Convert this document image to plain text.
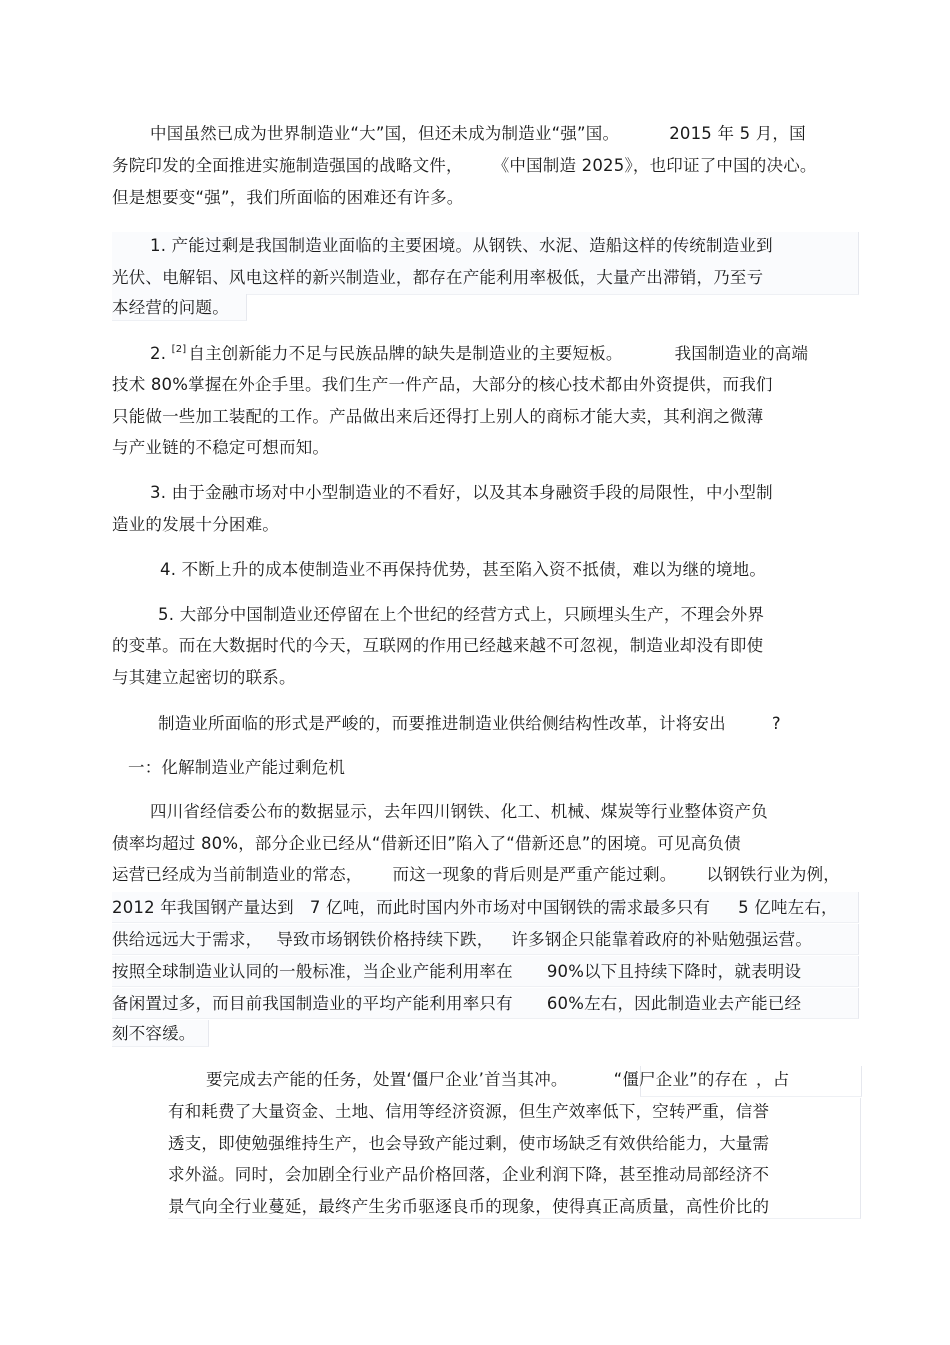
中国虽然已成为世界制造业“大”国，但还未成为制造业“强”国。	2015 年 5 月，国
务院印发的全面推进实施制造强国的战略文件， 《中国制造 2025》，也印证了中国的决心。
但是想要变“强”，我们所面临的困难还有许多。
1. 产能过剩是我国制造业面临的主要困境。从钢铁、水泥、造船这样的传统制造业到
光伏、电解铝、风电这样的新兴制造业，都存在产能利用率极低，大量产出滞销，乃至亏
本经营的问题。
2. [2] 自主创新能力不足与民族品牌的缺失是制造业的主要短板。	我国制造业的高端
技术 80%掌握在外企手里。我们生产一件产品，大部分的核心技术都由外资提供，而我们
只能做一些加工装配的工作。产品做出来后还得打上别人的商标才能大卖，其利润之微薄
与产业链的不稳定可想而知。
3. 由于金融市场对中小型制造业的不看好，以及其本身融资手段的局限性，中小型制
造业的发展十分困难。
4. 不断上升的成本使制造业不再保持优势，甚至陷入资不抵债，难以为继的境地。
5. 大部分中国制造业还停留在上个世纪的经营方式上，只顾埋头生产，不理会外界
的变革。而在大数据时代的今天，互联网的作用已经越来越不可忽视，制造业却没有即使
与其建立起密切的联系。
制造业所面临的形式是严峻的，而要推进制造业供给侧结构性改革，计将安出	?
一：化解制造业产能过剩危机
四川省经信委公布的数据显示，去年四川钢铁、化工、机械、煤炭等行业整体资产负
债率均超过 80%，部分企业已经从“借新还旧”陷入了“借新还息”的困境。可见高负债
运营已经成为当前制造业的常态， 而这一现象的背后则是严重产能过剩。 以钢铁行业为例，
2012 年我国钢产量达到 7 亿吨，而此时国内外市场对中国钢铁的需求最多只有 5 亿吨左右，
供给远远大于需求， 导致市场钢铁价格持续下跌， 许多钢企只能靠着政府的补贴勉强运营。
按照全球制造业认同的一般标准，当企业产能利用率在 90%以下且持续下降时，就表明设
备闲置过多，而目前我国制造业的平均产能利用率只有 60%左右，因此制造业去产能已经
刻不容缓。
要完成去产能的任务，处置‘僵尸企业’首当其冲。	“僵尸企业”的存在 ，占
有和耗费了大量资金、土地、信用等经济资源，但生产效率低下，空转严重，信誉
透支，即使勉强维持生产，也会导致产能过剩，使市场缺乏有效供给能力，大量需
求外溢。同时，会加剧全行业产品价格回落，企业利润下降，甚至推动局部经济不
景气向全行业蔓延，最终产生劣币驱逐良币的现象，使得真正高质量，高性价比的
